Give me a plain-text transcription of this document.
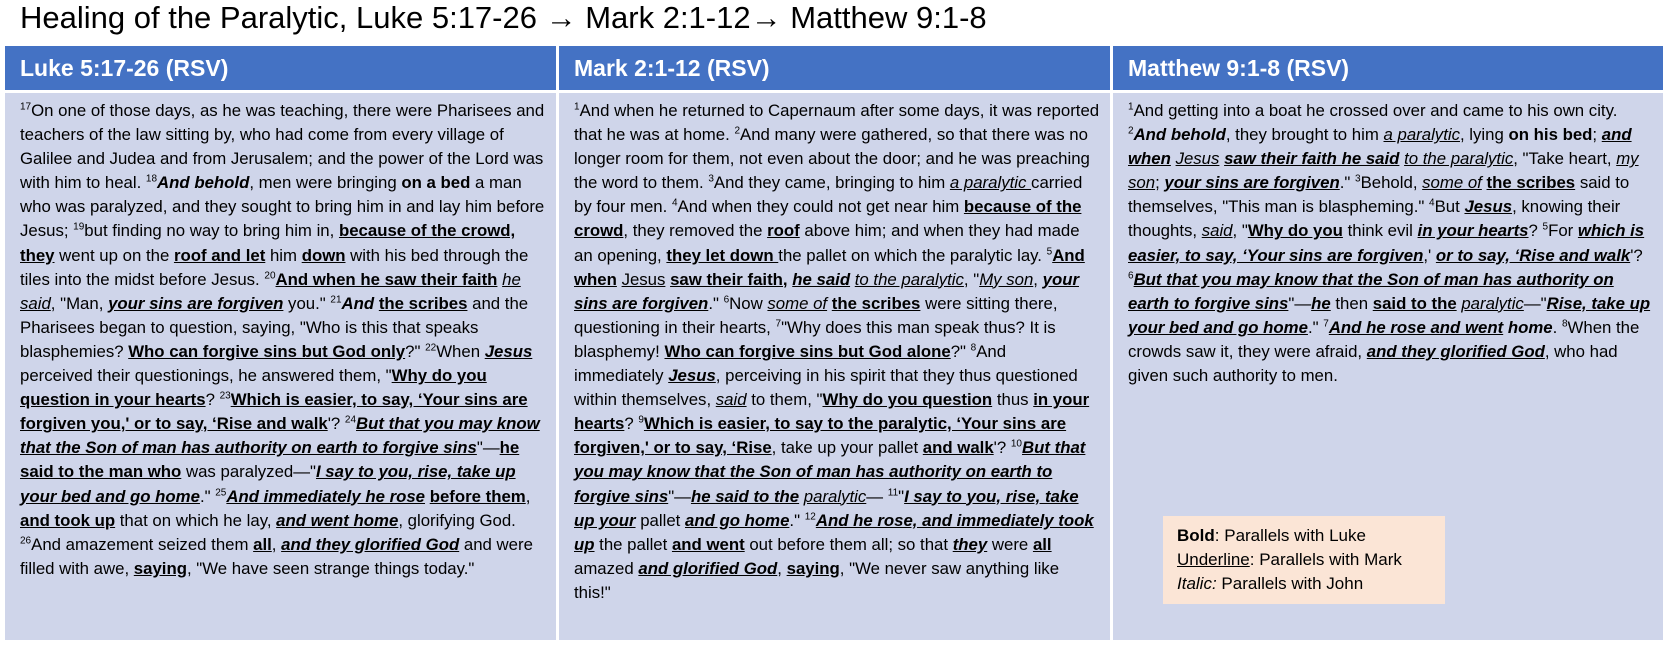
Healing of the Paralytic, Luke 5:17-26 → Mark 2:1-12→ Matthew 9:1-8
Luke 5:17-26 (RSV)
$^{17}$On one of those days, as he was teaching, there were Pharisees and teachers of the law sitting by, who had come from every village of Galilee and Judea and from Jerusalem; and the power of the Lord was with him to heal. $^{18}$And behold, men were bringing on a bed a man who was paralyzed, and they sought to bring him in and lay him before Jesus; $^{19}$but finding no way to bring him in, because of the crowd, they went up on the roof and let him down with his bed through the tiles into the midst before Jesus. $^{20}$And when he saw their faith he said, "Man, your sins are forgiven you." $^{21}$And the scribes and the Pharisees began to question, saying, "Who is this that speaks blasphemies? Who can forgive sins but God only?" $^{22}$When Jesus perceived their questionings, he answered them, "Why do you question in your hearts? $^{23}$Which is easier, to say, ‘Your sins are forgiven you,' or to say, ‘Rise and walk'? $^{24}$But that you may know that the Son of man has authority on earth to forgive sins"—he said to the man who was paralyzed—"I say to you, rise, take up your bed and go home." $^{25}$And immediately he rose before them, and took up that on which he lay, and went home, glorifying God. $^{26}$And amazement seized them all, and they glorified God and were filled with awe, saying, "We have seen strange things today."
Mark 2:1-12 (RSV)
$^1$And when he returned to Capernaum after some days, it was reported that he was at home. $^2$And many were gathered, so that there was no longer room for them, not even about the door; and he was preaching the word to them. $^3$And they came, bringing to him a paralytic carried by four men. $^4$And when they could not get near him because of the crowd, they removed the roof above him; and when they had made an opening, they let down the pallet on which the paralytic lay. $^5$And when Jesus saw their faith, he said to the paralytic, "My son, your sins are forgiven." $^6$Now some of the scribes were sitting there, questioning in their hearts, $^7$"Why does this man speak thus? It is blasphemy! Who can forgive sins but God alone?" $^8$And immediately Jesus, perceiving in his spirit that they thus questioned within themselves, said to them, "Why do you question thus in your hearts? $^9$Which is easier, to say to the paralytic, ‘Your sins are forgiven,' or to say, ‘Rise, take up your pallet and walk'? $^{10}$But that you may know that the Son of man has authority on earth to forgive sins"—he said to the paralytic— $^{11}$"I say to you, rise, take up your pallet and go home." $^{12}$And he rose, and immediately took up the pallet and went out before them all; so that they were all amazed and glorified God, saying, "We never saw anything like this!"
Matthew 9:1-8 (RSV)
$^1$And getting into a boat he crossed over and came to his own city. $^2$And behold, they brought to him a paralytic, lying on his bed; and when Jesus saw their faith he said to the paralytic, "Take heart, my son; your sins are forgiven." $^3$Behold, some of the scribes said to themselves, "This man is blaspheming." $^4$But Jesus, knowing their thoughts, said, "Why do you think evil in your hearts? $^5$For which is easier, to say, ‘Your sins are forgiven,' or to say, ‘Rise and walk'? $^6$But that you may know that the Son of man has authority on earth to forgive sins"—he then said to the paralytic—"Rise, take up your bed and go home." $^7$And he rose and went home. $^8$When the crowds saw it, they were afraid, and they glorified God, who had given such authority to men.
Bold: Parallels with Luke
Underline: Parallels with Mark
Italic: Parallels with John
